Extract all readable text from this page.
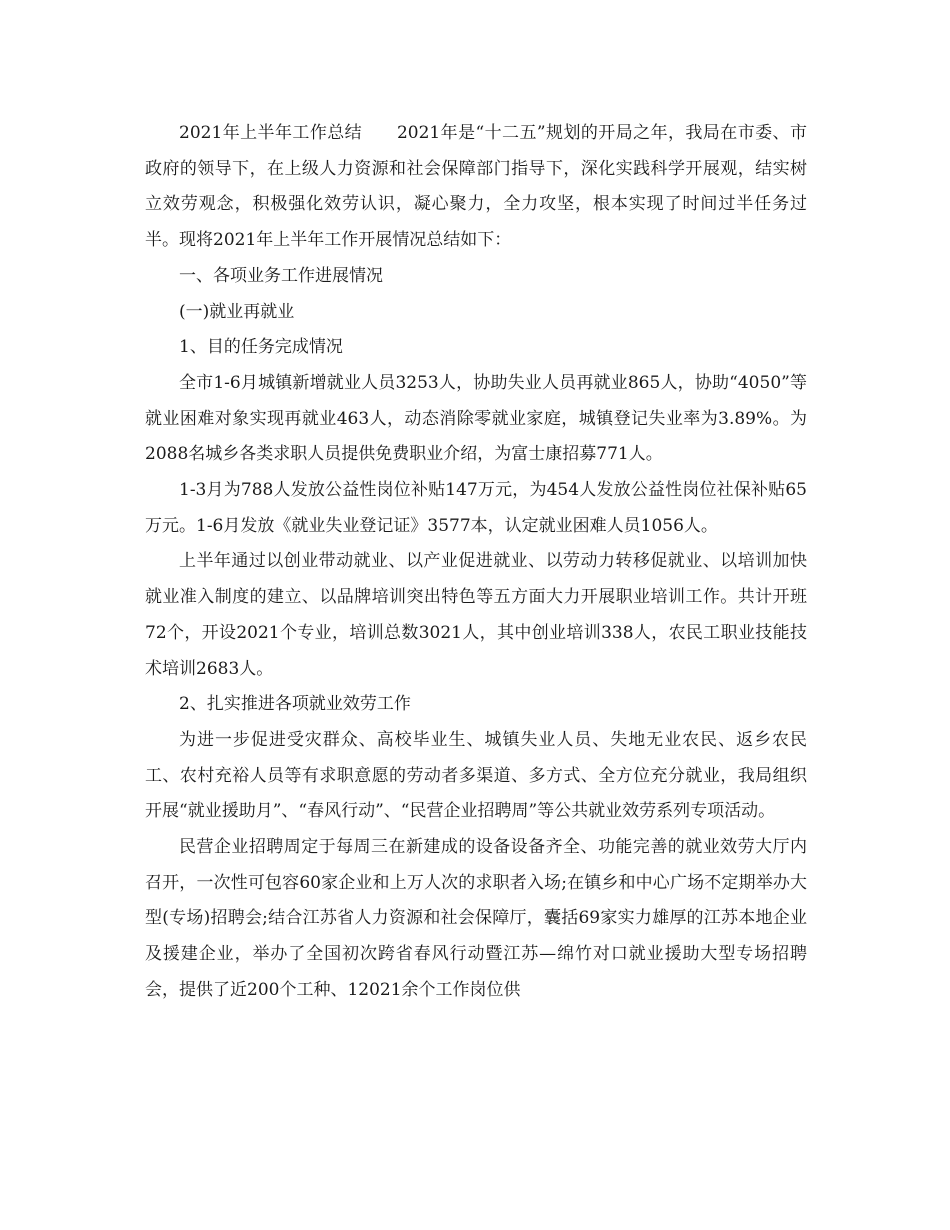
2021年上半年工作总结　　2021年是“十二五”规划的开局之年，我局在市委、市政府的领导下，在上级人力资源和社会保障部门指导下，深化实践科学开展观，结实树立效劳观念，积极强化效劳认识，凝心聚力，全力攻坚，根本实现了时间过半任务过半。现将2021年上半年工作开展情况总结如下：

一、各项业务工作进展情况

(一)就业再就业

1、目的任务完成情况

全市1-6月城镇新增就业人员3253人，协助失业人员再就业865人，协助“4050”等就业困难对象实现再就业463人，动态消除零就业家庭，城镇登记失业率为3.89%。为2088名城乡各类求职人员提供免费职业介绍，为富士康招募771人。

1-3月为788人发放公益性岗位补贴147万元，为454人发放公益性岗位社保补贴65万元。1-6月发放《就业失业登记证》3577本，认定就业困难人员1056人。

上半年通过以创业带动就业、以产业促进就业、以劳动力转移促就业、以培训加快就业准入制度的建立、以品牌培训突出特色等五方面大力开展职业培训工作。共计开班72个，开设2021个专业，培训总数3021人，其中创业培训338人，农民工职业技能技术培训2683人。

2、扎实推进各项就业效劳工作

为进一步促进受灾群众、高校毕业生、城镇失业人员、失地无业农民、返乡农民工、农村充裕人员等有求职意愿的劳动者多渠道、多方式、全方位充分就业，我局组织开展“就业援助月”、“春风行动”、“民营企业招聘周”等公共就业效劳系列专项活动。

民营企业招聘周定于每周三在新建成的设备设备齐全、功能完善的就业效劳大厅内召开，一次性可包容60家企业和上万人次的求职者入场;在镇乡和中心广场不定期举办大型(专场)招聘会;结合江苏省人力资源和社会保障厅，囊括69家实力雄厚的江苏本地企业及援建企业，举办了全国初次跨省春风行动暨江苏—绵竹对口就业援助大型专场招聘会，提供了近200个工种、12021余个工作岗位供
